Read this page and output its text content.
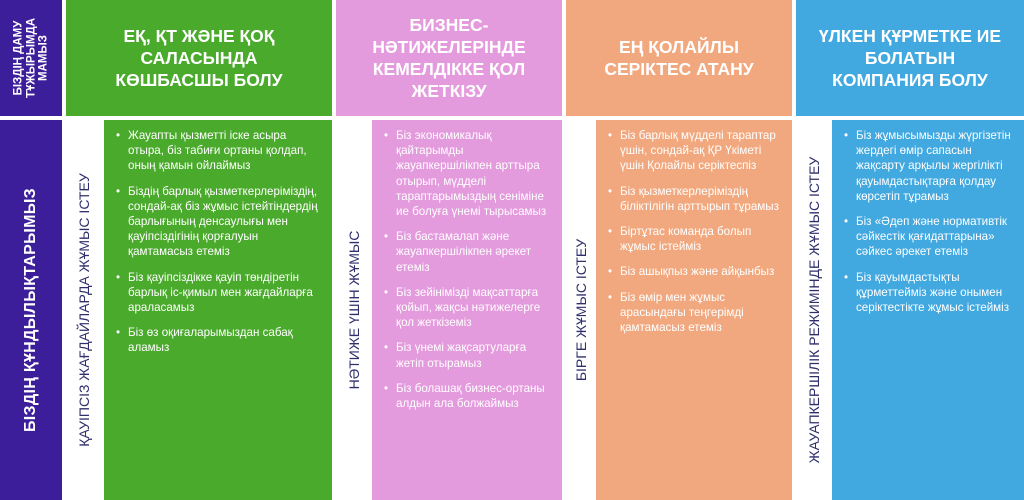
БІЗДІҢ ДАМУ ТҰЖЫРЫМДА МАМЫЗ
БІЗДІҢ ҚҰНДЫЛЫҚТАРЫМЫЗ
ЕҚ, ҚТ ЖӘНЕ ҚОҚ САЛАСЫНДА КӨШБАСШЫ БОЛУ
БИЗНЕС-НӘТИЖЕЛЕРІНДЕ КЕМЕЛДІККЕ ҚОЛ ЖЕТКІЗУ
ЕҢ ҚОЛАЙЛЫ СЕРІКТЕС АТАНУ
ҮЛКЕН ҚҰРМЕТКЕ ИЕ БОЛАТЫН КОМПАНИЯ БОЛУ
ҚАУІПСІЗ ЖАҒДАЙЛАРДА ЖҰМЫС ІСТЕУ
• Жауапты қызметті іске асыра отыра, біз табиғи ортаны қолдап, оның қамын ойлаймыз
• Біздің барлық қызметкерлеріміздің, сондай-ақ біз жұмыс істейтіндердің барлығының денсаулығы мен қауіпсіздігінің қорғалуын қамтамасыз етеміз
• Біз қауіпсіздікке қауіп төндіретін барлық іс-қимыл мен жағдайларға араласамыз
• Біз өз оқиғаларымыздан сабақ аламыз	НӘТИЖЕ ҮШІН ЖҰМЫС
• Біз экономикалық қайтарымды жауапкершілікпен арттыра отырып, мүдделі тараптарымыздың сеніміне ие болуға үнемі тырысамыз
• Біз бастамалап және жауапкершілікпен әрекет етеміз
• Біз зейінімізді мақсаттарға қойып, жақсы нәтижелерге қол жеткіземіз
• Біз үнемі жақсартуларға жетіп отырамыз
• Біз болашақ бизнес-ортаны алдын ала болжаймыз
БІРГЕ ЖҰМЫС ІСТЕУ
• Біз барлық мүдделі тараптар үшін, сондай-ақ ҚР Үкіметі үшін Қолайлы серіктеспіз
• Біз қызметкерлеріміздің біліктілігін арттырып тұрамыз
• Біртұтас команда болып жұмыс істейміз
• Біз ашықпыз және айқынбыз
• Біз өмір мен жұмыс арасындағы теңгерімді қамтамасыз етеміз	ЖАУАПКЕРШІЛІК РЕЖИМІНДЕ ЖҰМЫС ІСТЕУ
• Біз жұмысымызды жүргізетін жердегі өмір сапасын жақсарту арқылы жергілікті қауымдастықтарға қолдау көрсетіп тұрамыз
• Біз «Әдеп және нормативтік сәйкестік қағидаттарына» сәйкес әрекет етеміз
• Біз қауымдастықты құрметтейміз және онымен серіктестікте жұмыс істейміз
